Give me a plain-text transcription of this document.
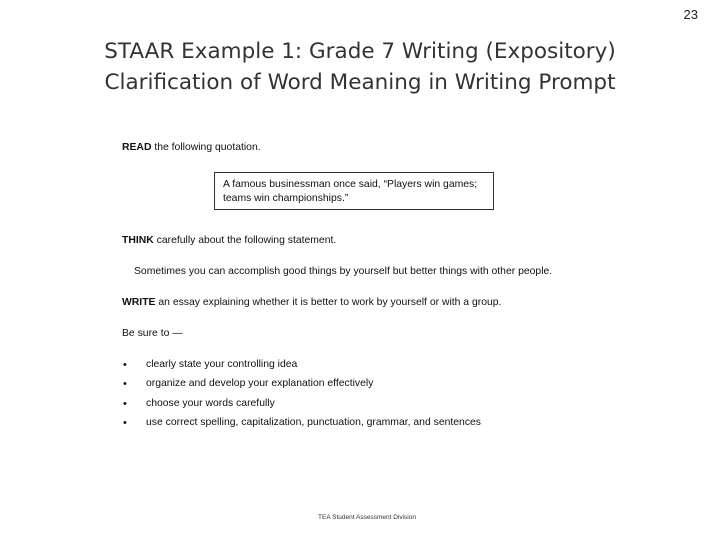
23
STAAR Example 1: Grade 7 Writing (Expository)
Clarification of Word Meaning in Writing Prompt

READ the following quotation.

A famous businessman once said, “Players win games;
teams win championships.”

THINK carefully about the following statement.

Sometimes you can accomplish good things by yourself but better things with other people.

WRITE an essay explaining whether it is better to work by yourself or with a group.

Be sure to —

• clearly state your controlling idea
• organize and develop your explanation effectively
• choose your words carefully
• use correct spelling, capitalization, punctuation, grammar, and sentences
TEA Student Assessment Division
